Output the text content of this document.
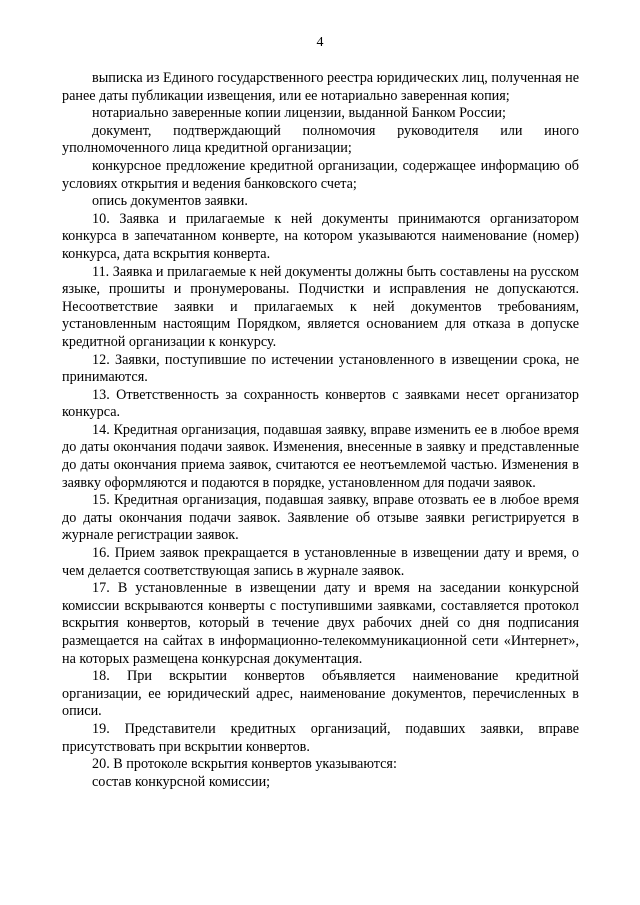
4

выписка из Единого государственного реестра юридических лиц, полученная не ранее даты публикации извещения, или ее нотариально заверенная копия;

нотариально заверенные копии лицензии, выданной Банком России;

документ, подтверждающий полномочия руководителя или иного уполномоченного лица кредитной организации;

конкурсное предложение кредитной организации, содержащее информацию об условиях открытия и ведения банковского счета;

опись документов заявки.

10. Заявка и прилагаемые к ней документы принимаются организатором конкурса в запечатанном конверте, на котором указываются наименование (номер) конкурса, дата вскрытия конверта.

11. Заявка и прилагаемые к ней документы должны быть составлены на русском языке, прошиты и пронумерованы. Подчистки и исправления не допускаются. Несоответствие заявки и прилагаемых к ней документов требованиям, установленным настоящим Порядком, является основанием для отказа в допуске кредитной организации к конкурсу.

12. Заявки, поступившие по истечении установленного в извещении срока, не принимаются.

13. Ответственность за сохранность конвертов с заявками несет организатор конкурса.

14. Кредитная организация, подавшая заявку, вправе изменить ее в любое время до даты окончания подачи заявок. Изменения, внесенные в заявку и представленные до даты окончания приема заявок, считаются ее неотъемлемой частью. Изменения в заявку оформляются и подаются в порядке, установленном для подачи заявок.

15. Кредитная организация, подавшая заявку, вправе отозвать ее в любое время до даты окончания подачи заявок. Заявление об отзыве заявки регистрируется в журнале регистрации заявок.

16. Прием заявок прекращается в установленные в извещении дату и время, о чем делается соответствующая запись в журнале заявок.

17. В установленные в извещении дату и время на заседании конкурсной комиссии вскрываются конверты с поступившими заявками, составляется протокол вскрытия конвертов, который в течение двух рабочих дней со дня подписания размещается на сайтах в информационно-телекоммуникационной сети «Интернет», на которых размещена конкурсная документация.

18. При вскрытии конвертов объявляется наименование кредитной организации, ее юридический адрес, наименование документов, перечисленных в описи.

19. Представители кредитных организаций, подавших заявки, вправе присутствовать при вскрытии конвертов.

20. В протоколе вскрытия конвертов указываются:

состав конкурсной комиссии;
